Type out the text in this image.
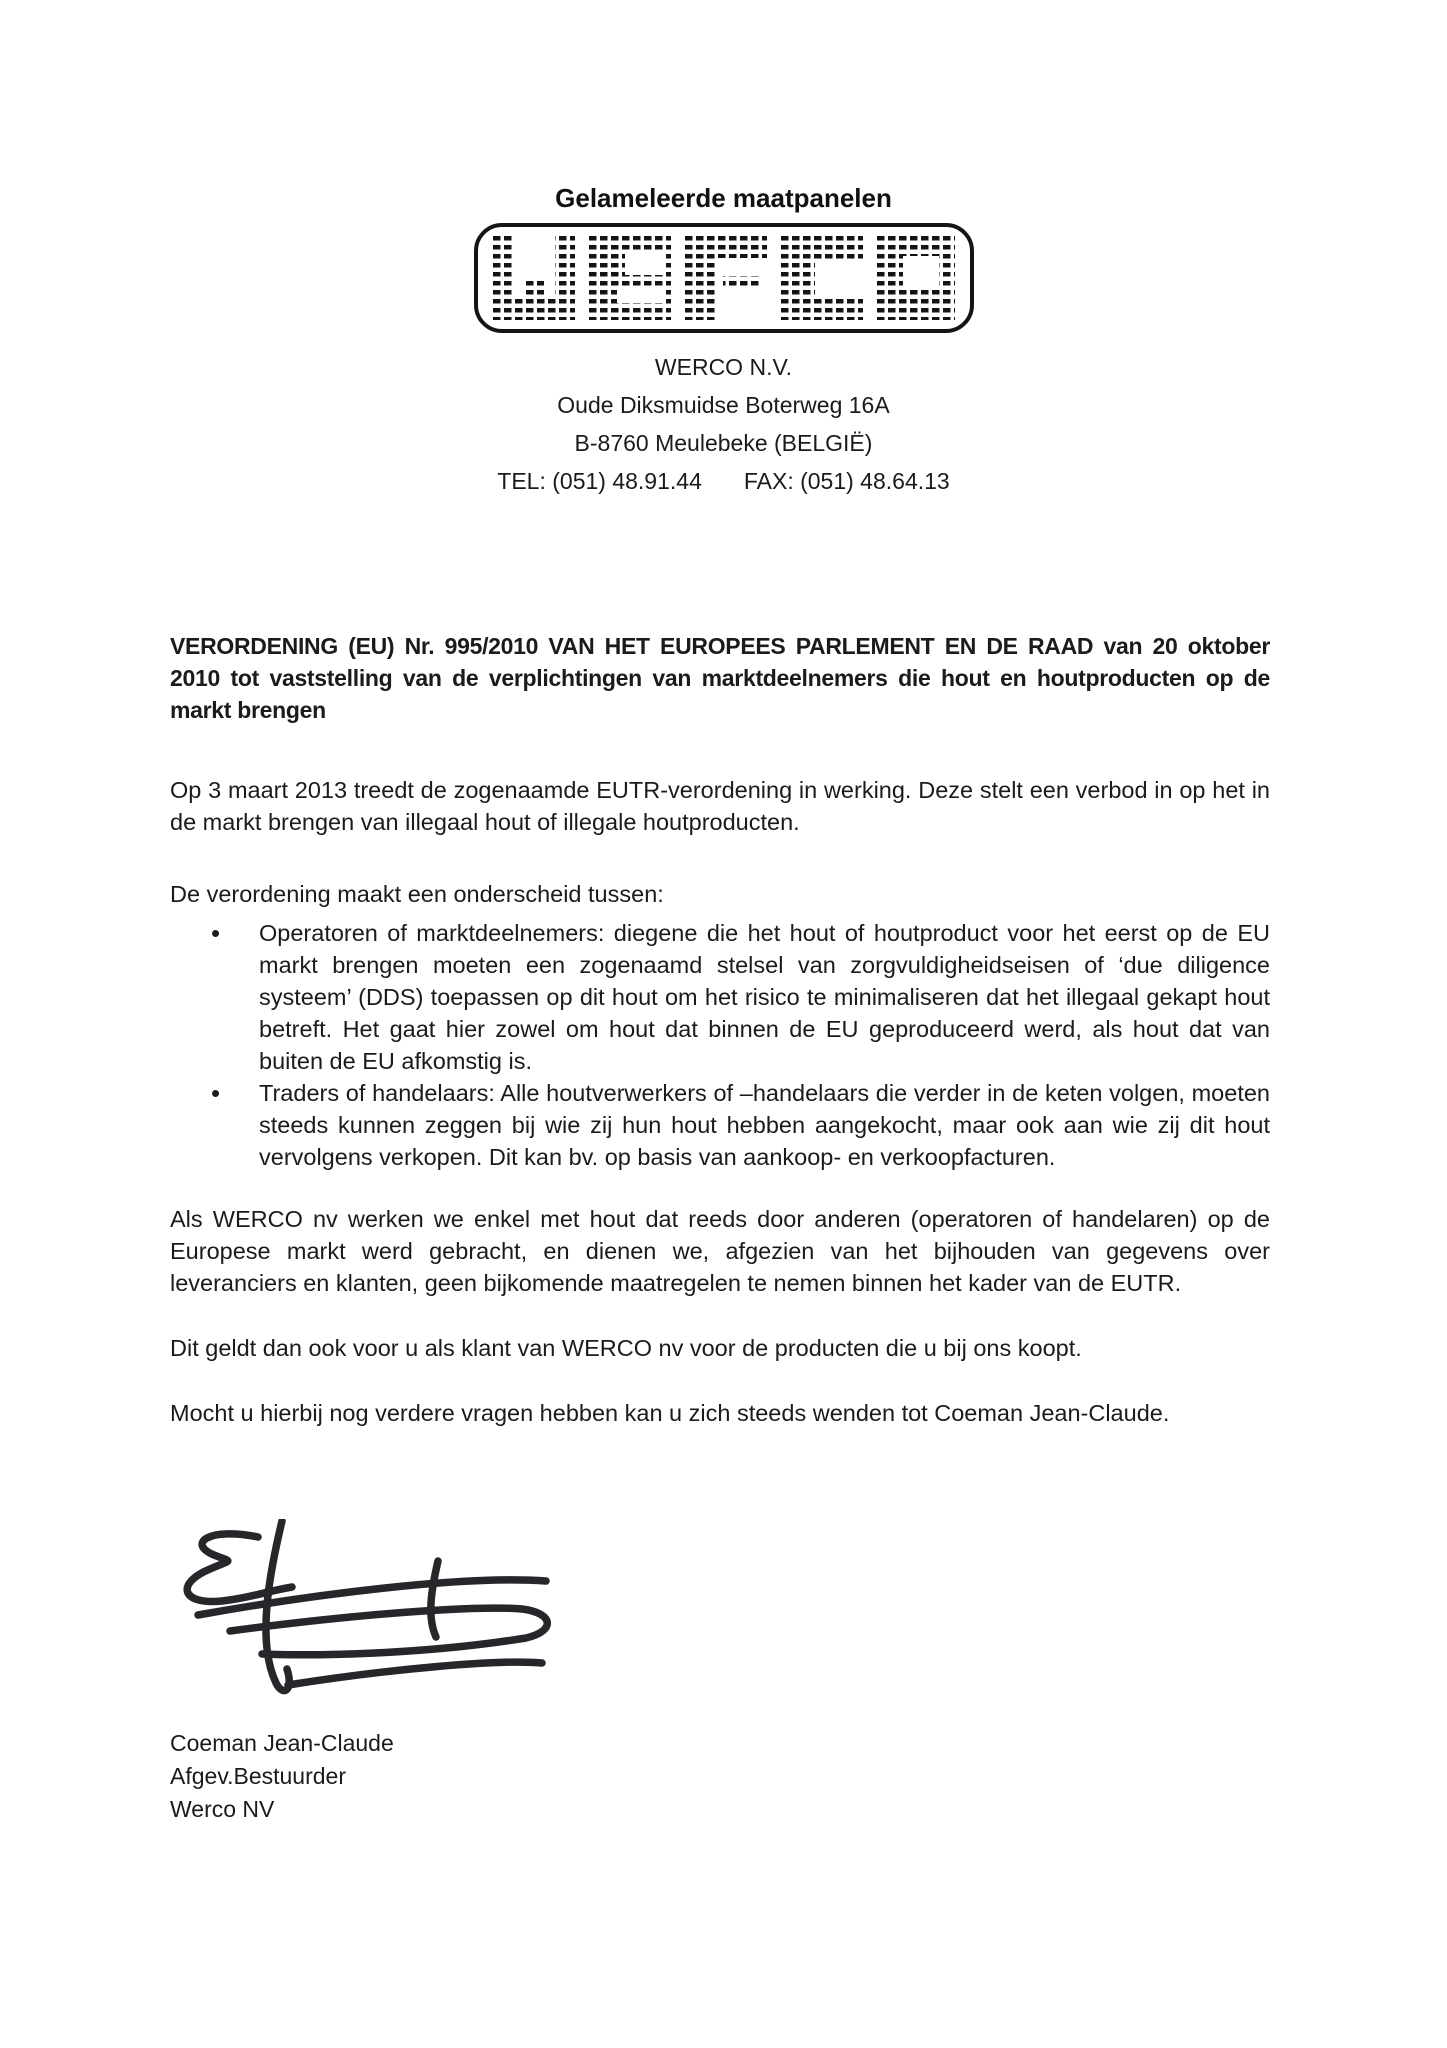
Gelameleerde maatpanelen
WERCO N.V.
Oude Diksmuidse Boterweg 16A
B-8760 Meulebeke (BELGIË)
TEL: (051) 48.91.44 FAX: (051) 48.64.13

VERORDENING (EU) Nr. 995/2010 VAN HET EUROPEES PARLEMENT EN DE RAAD van 20 oktober 2010 tot vaststelling van de verplichtingen van marktdeelnemers die hout en houtproducten op de markt brengen

Op 3 maart 2013 treedt de zogenaamde EUTR-verordening in werking. Deze stelt een verbod in op het in de markt brengen van illegaal hout of illegale houtproducten.

De verordening maakt een onderscheid tussen:

• Operatoren of marktdeelnemers: diegene die het hout of houtproduct voor het eerst op de EU markt brengen moeten een zogenaamd stelsel van zorgvuldigheidseisen of ‘due diligence systeem’ (DDS) toepassen op dit hout om het risico te minimaliseren dat het illegaal gekapt hout betreft. Het gaat hier zowel om hout dat binnen de EU geproduceerd werd, als hout dat van buiten de EU afkomstig is.
• Traders of handelaars: Alle houtverwerkers of –handelaars die verder in de keten volgen, moeten steeds kunnen zeggen bij wie zij hun hout hebben aangekocht, maar ook aan wie zij dit hout vervolgens verkopen. Dit kan bv. op basis van aankoop- en verkoopfacturen.

Als WERCO nv werken we enkel met hout dat reeds door anderen (operatoren of handelaren) op de Europese markt werd gebracht, en dienen we, afgezien van het bijhouden van gegevens over leveranciers en klanten, geen bijkomende maatregelen te nemen binnen het kader van de EUTR.

Dit geldt dan ook voor u als klant van WERCO nv voor de producten die u bij ons koopt.

Mocht u hierbij nog verdere vragen hebben kan u zich steeds wenden tot Coeman Jean-Claude.

Coeman Jean-Claude
Afgev.Bestuurder
Werco NV
